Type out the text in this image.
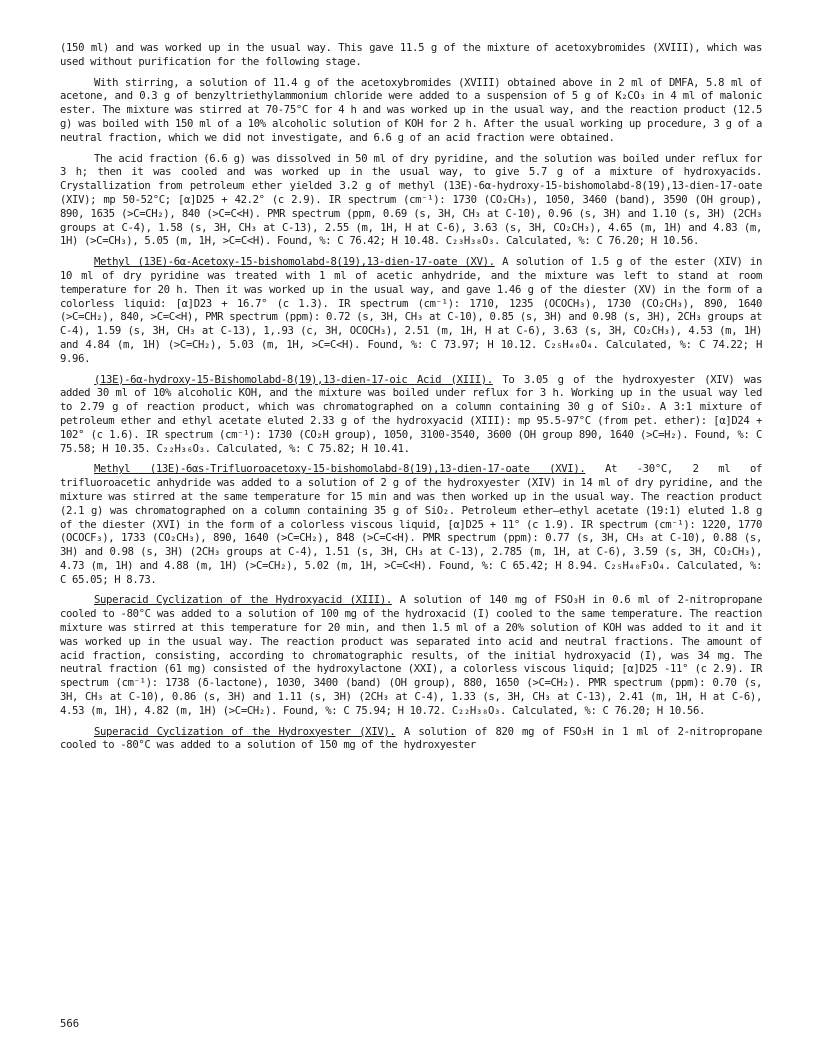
(150 ml) and was worked up in the usual way. This gave 11.5 g of the mixture of acetoxybromides (XVIII), which was used without purification for the following stage.

With stirring, a solution of 11.4 g of the acetoxybromides (XVIII) obtained above in 2 ml of DMFA, 5.8 ml of acetone, and 0.3 g of benzyltriethylammonium chloride were added to a suspension of 5 g of K₂CO₃ in 4 ml of malonic ester. The mixture was stirred at 70-75°C for 4 h and was worked up in the usual way, and the reaction product (12.5 g) was boiled with 150 ml of a 10% alcoholic solution of KOH for 2 h. After the usual working up procedure, 3 g of a neutral fraction, which we did not investigate, and 6.6 g of an acid fraction were obtained.

The acid fraction (6.6 g) was dissolved in 50 ml of dry pyridine, and the solution was boiled under reflux for 3 h; then it was cooled and was worked up in the usual way, to give 5.7 g of a mixture of hydroxyacids. Crystallization from petroleum ether yielded 3.2 g of methyl (13E)-6α-hydroxy-15-bishomolabd-8(19),13-dien-17-oate (XIV); mp 50-52°C; [α]D25 + 42.2° (c 2.9). IR spectrum (cm⁻¹): 1730 (CO₂CH₃), 1050, 3460 (band), 3590 (OH group), 890, 1635 (>C=CH₂), 840 (>C=C<H). PMR spectrum (ppm, 0.69 (s, 3H, CH₃ at C-10), 0.96 (s, 3H) and 1.10 (s, 3H) (2CH₃ groups at C-4), 1.58 (s, 3H, CH₃ at C-13), 2.55 (m, 1H, H at C-6), 3.63 (s, 3H, CO₂CH₃), 4.65 (m, 1H) and 4.83 (m, 1H) (>C=CH₃), 5.05 (m, 1H, >C=C<H). Found, %: C 76.42; H 10.48. C₂₃H₃₈O₃. Calculated, %: C 76.20; H 10.56.

Methyl (13E)-6α-Acetoxy-15-bishomolabd-8(19),13-dien-17-oate (XV). A solution of 1.5 g of the ester (XIV) in 10 ml of dry pyridine was treated with 1 ml of acetic anhydride, and the mixture was left to stand at room temperature for 20 h. Then it was worked up in the usual way, and gave 1.46 g of the diester (XV) in the form of a colorless liquid: [α]D23 + 16.7° (c 1.3). IR spectrum (cm⁻¹): 1710, 1235 (OCOCH₃), 1730 (CO₂CH₃), 890, 1640 (>C=CH₂), 840, >C=C<H), PMR spectrum (ppm): 0.72 (s, 3H, CH₃ at C-10), 0.85 (s, 3H) and 0.98 (s, 3H), 2CH₃ groups at C-4), 1.59 (s, 3H, CH₃ at C-13), 1,.93 (c, 3H, OCOCH₃), 2.51 (m, 1H, H at C-6), 3.63 (s, 3H, CO₂CH₃), 4.53 (m, 1H) and 4.84 (m, 1H) (>C=CH₂), 5.03 (m, 1H, >C=C<H). Found, %: C 73.97; H 10.12. C₂₅H₄₀O₄. Calculated, %: C 74.22; H 9.96.

(13E)-6α-hydroxy-15-Bishomolabd-8(19),13-dien-17-oic Acid (XIII). To 3.05 g of the hydroxyester (XIV) was added 30 ml of 10% alcoholic KOH, and the mixture was boiled under reflux for 3 h. Working up in the usual way led to 2.79 g of reaction product, which was chromatographed on a column containing 30 g of SiO₂. A 3:1 mixture of petroleum ether and ethyl acetate eluted 2.33 g of the hydroxyacid (XIII): mp 95.5-97°C (from pet. ether): [α]D24 + 102° (c 1.6). IR spectrum (cm⁻¹): 1730 (CO₂H group), 1050, 3100-3540, 3600 (OH group 890, 1640 (>C=H₂). Found, %: C 75.58; H 10.35. C₂₂H₃₆O₃. Calculated, %: C 75.82; H 10.41.

Methyl (13E)-6αs-Trifluoroacetoxy-15-bishomolabd-8(19),13-dien-17-oate (XVI). At -30°C, 2 ml of trifluoroacetic anhydride was added to a solution of 2 g of the hydroxyester (XIV) in 14 ml of dry pyridine, and the mixture was stirred at the same temperature for 15 min and was then worked up in the usual way. The reaction product (2.1 g) was chromatographed on a column containing 35 g of SiO₂. Petroleum ether—ethyl acetate (19:1) eluted 1.8 g of the diester (XVI) in the form of a colorless viscous liquid, [α]D25 + 11° (c 1.9). IR spectrum (cm⁻¹): 1220, 1770 (OCOCF₃), 1733 (CO₂CH₃), 890, 1640 (>C=CH₂), 848 (>C=C<H). PMR spectrum (ppm): 0.77 (s, 3H, CH₃ at C-10), 0.88 (s, 3H) and 0.98 (s, 3H) (2CH₃ groups at C-4), 1.51 (s, 3H, CH₃ at C-13), 2.785 (m, 1H, at C-6), 3.59 (s, 3H, CO₂CH₃), 4.73 (m, 1H) and 4.88 (m, 1H) (>C=CH₂), 5.02 (m, 1H, >C=C<H). Found, %: C 65.42; H 8.94. C₂₅H₄₀F₃O₄. Calculated, %: C 65.05; H 8.73.

Superacid Cyclization of the Hydroxyacid (XIII). A solution of 140 mg of FSO₃H in 0.6 ml of 2-nitropropane cooled to -80°C was added to a solution of 100 mg of the hydroxacid (I) cooled to the same temperature. The reaction mixture was stirred at this temperature for 20 min, and then 1.5 ml of a 20% solution of KOH was added to it and it was worked up in the usual way. The reaction product was separated into acid and neutral fractions. The amount of acid fraction, consisting, according to chromatographic results, of the initial hydroxyacid (I), was 34 mg. The neutral fraction (61 mg) consisted of the hydroxylactone (XXI), a colorless viscous liquid; [α]D25 -11° (c 2.9). IR spectrum (cm⁻¹): 1738 (δ-lactone), 1030, 3400 (band) (OH group), 880, 1650 (>C=CH₂). PMR spectrum (ppm): 0.70 (s, 3H, CH₃ at C-10), 0.86 (s, 3H) and 1.11 (s, 3H) (2CH₃ at C-4), 1.33 (s, 3H, CH₃ at C-13), 2.41 (m, 1H, H at C-6), 4.53 (m, 1H), 4.82 (m, 1H) (>C=CH₂). Found, %: C 75.94; H 10.72. C₂₂H₃₈O₃. Calculated, %: C 76.20; H 10.56.

Superacid Cyclization of the Hydroxyester (XIV). A solution of 820 mg of FSO₃H in 1 ml of 2-nitropropane cooled to -80°C was added to a solution of 150 mg of the hydroxyester

566
